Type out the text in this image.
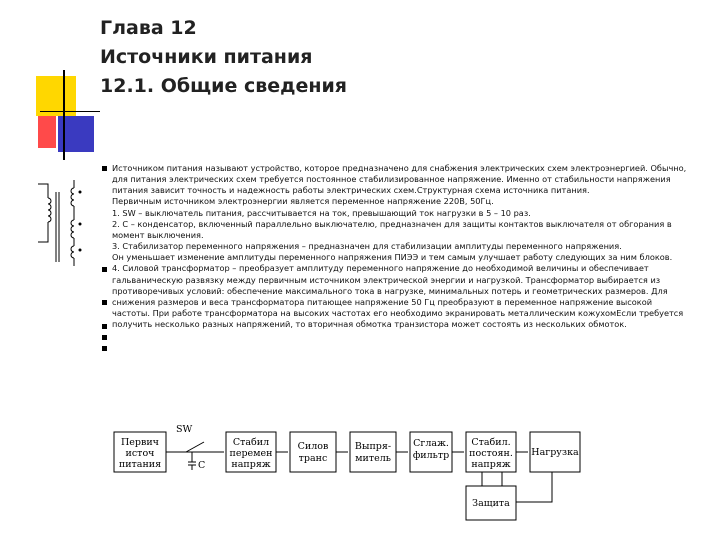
Глава 12
Источники питания
12.1. Общие сведения

Источником питания называют устройство, которое предназначено для снабжения электрических схем электроэнергией. Обычно, для питания электрических схем требуется постоянное стабилизированное напряжение. Именно от стабильности напряжения питания зависит точность и надежность работы электрических схем.Структурная схема источника питания.

Первичным источником электроэнергии является переменное напряжение 220В, 50Гц.

1. SW – выключатель питания, рассчитывается на ток, превышающий ток нагрузки в 5 – 10 раз.

2. С – конденсатор, включенный параллельно выключателю, предназначен для защиты контактов выключателя от обгорания в момент выключения.

3. Стабилизатор переменного напряжения – предназначен для стабилизации амплитуды переменного напряжения.

Он уменьшает изменение амплитуды переменного напряжения ПИЭЭ и тем самым улучшает работу следующих за ним блоков.

4. Силовой трансформатор – преобразует амплитуду переменного напряжение до необходимой величины и обеспечивает гальваническую развязку между первичным источником электрической энергии и нагрузкой. Трансформатор выбирается из противоречивых условий: обеспечение максимального тока в нагрузке, минимальных потерь и геометрических размеров. Для снижения размеров и веса трансформатора питающее напряжение 50 Гц преобразуют в переменное напряжение высокой частоты. При работе трансформатора на высоких частотах его необходимо экранировать металлическим кожухомЕсли требуется получить несколько разных напряжений, то вторичная обмотка транзистора может состоять из нескольких обмоток.

SW
C
Первич
источ
питания
Стабил
перемен
напряж
Силов
транс
Выпря-
митель
Сглаж.
фильтр
Стабил.
постоян.
напряж
Нагрузка
Защита
